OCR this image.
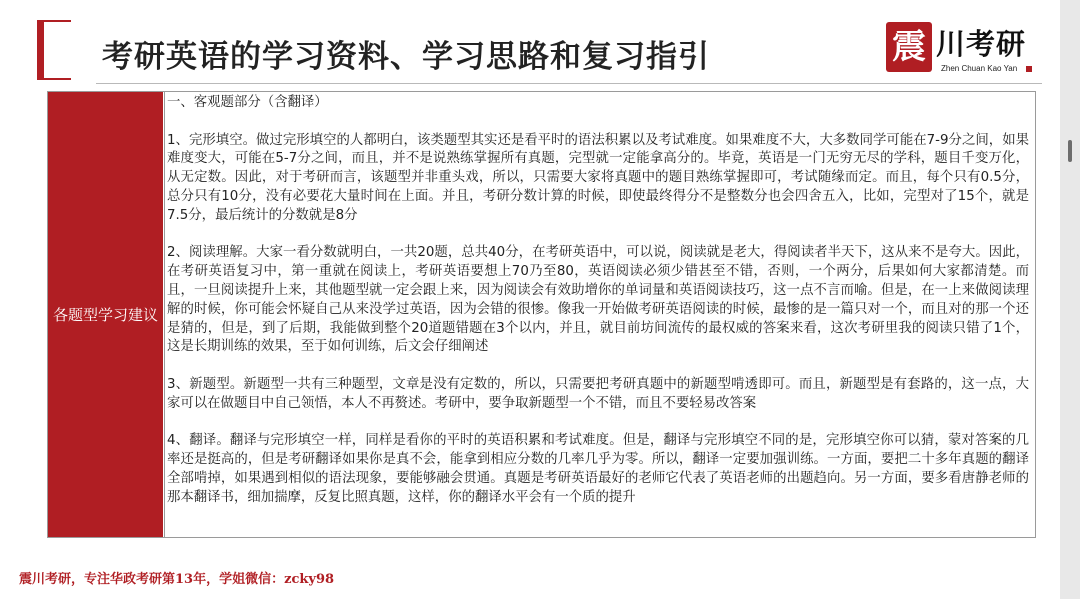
考研英语的学习资料、学习思路和复习指引	震 川考研
Zhen Chuan Kao Yan
各题型学习建议

一、客观题部分（含翻译）

1、完形填空。做过完形填空的人都明白，该类题型其实还是看平时的语法积累以及考试难度。如果难度不大，大多数同学可能在7-9分之间，如果难度变大，可能在5-7分之间，而且，并不是说熟练掌握所有真题，完型就一定能拿高分的。毕竟，英语是一门无穷无尽的学科，题目千变万化，从无定数。因此，对于考研而言，该题型并非重头戏，所以，只需要大家将真题中的题目熟练掌握即可，考试随缘而定。而且，每个只有0.5分，总分只有10分，没有必要花大量时间在上面。并且，考研分数计算的时候，即使最终得分不是整数分也会四舍五入，比如，完型对了15个，就是7.5分，最后统计的分数就是8分

2、阅读理解。大家一看分数就明白，一共20题，总共40分，在考研英语中，可以说，阅读就是老大，得阅读者半天下，这从来不是夸大。因此，在考研英语复习中，第一重就在阅读上，考研英语要想上70乃至80，英语阅读必须少错甚至不错，否则，一个两分，后果如何大家都清楚。而且，一旦阅读提升上来，其他题型就一定会跟上来，因为阅读会有效助增你的单词量和英语阅读技巧，这一点不言而喻。但是，在一上来做阅读理解的时候，你可能会怀疑自己从来没学过英语，因为会错的很惨。像我一开始做考研英语阅读的时候，最惨的是一篇只对一个，而且对的那一个还是猜的，但是，到了后期，我能做到整个20道题错题在3个以内，并且，就目前坊间流传的最权威的答案来看，这次考研里我的阅读只错了1个，这是长期训练的效果，至于如何训练，后文会仔细阐述

3、新题型。新题型一共有三种题型，文章是没有定数的，所以，只需要把考研真题中的新题型啃透即可。而且，新题型是有套路的，这一点，大家可以在做题目中自己领悟，本人不再赘述。考研中，要争取新题型一个不错，而且不要轻易改答案

4、翻译。翻译与完形填空一样，同样是看你的平时的英语积累和考试难度。但是，翻译与完形填空不同的是，完形填空你可以猜，蒙对答案的几率还是挺高的，但是考研翻译如果你是真不会，能拿到相应分数的几率几乎为零。所以，翻译一定要加强训练。一方面，要把二十多年真题的翻译全部啃掉，如果遇到相似的语法现象，要能够融会贯通。真题是考研英语最好的老师它代表了英语老师的出题趋向。另一方面，要多看唐静老师的那本翻译书，细加揣摩，反复比照真题，这样，你的翻译水平会有一个质的提升

震川考研，专注华政考研第13年，学姐微信：zcky98
